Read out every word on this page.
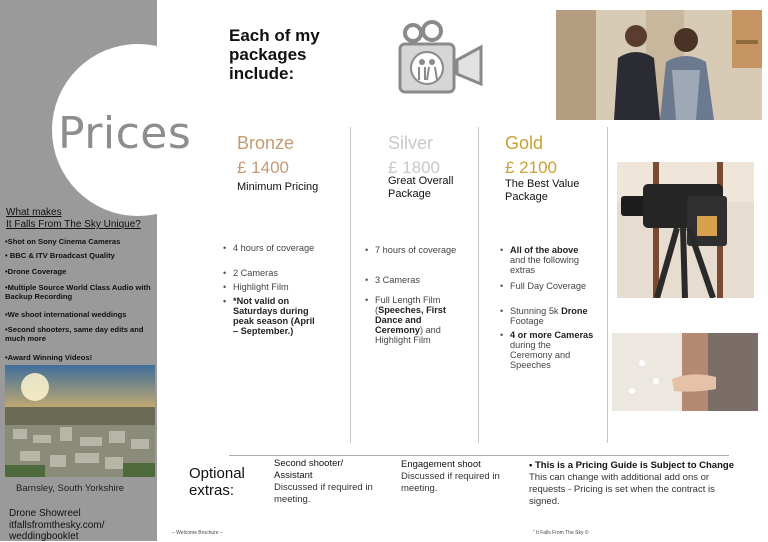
Prices
What makes
It Falls From The Sky Unique?
•Shot on Sony Cinema Cameras
• BBC & ITV Broadcast Quality
•Drone Coverage
•Multiple Source World Class Audio with Backup Recording
•We shoot international weddings
•Second shooters, same day edits and much more
•Award Winning Videos!
Barnsley, South Yorkshire
Drone Showreel
itfallsfromthesky.com/
weddingbooklet
Each of my
packages
include:
Bronze
£ 1400
Minimum Pricing
• 4 hours of coverage
• 2 Cameras
• Highlight Film
• *Not valid on Saturdays during peak season (April – September.)
Silver
£ 1800
Great Overall
Package
• 7 hours of coverage
• 3 Cameras
• Full Length Film (Speeches, First Dance and Ceremony) and Highlight Film
Gold
£ 2100
The Best Value
Package
• All of the above and the following extras
• Full Day Coverage
• Stunning 5k Drone Footage
• 4 or more Cameras during the Ceremony and Speeches
Optional
extras:
Second shooter/
Assistant
Discussed if required in meeting.
Engagement shoot
Discussed if required in meeting.
• This is a Pricing Guide is Subject to Change
This can change with additional add ons or requests - Pricing is set when the contract is signed.
– Welcome Brochure –	“ It Falls From The Sky ©
